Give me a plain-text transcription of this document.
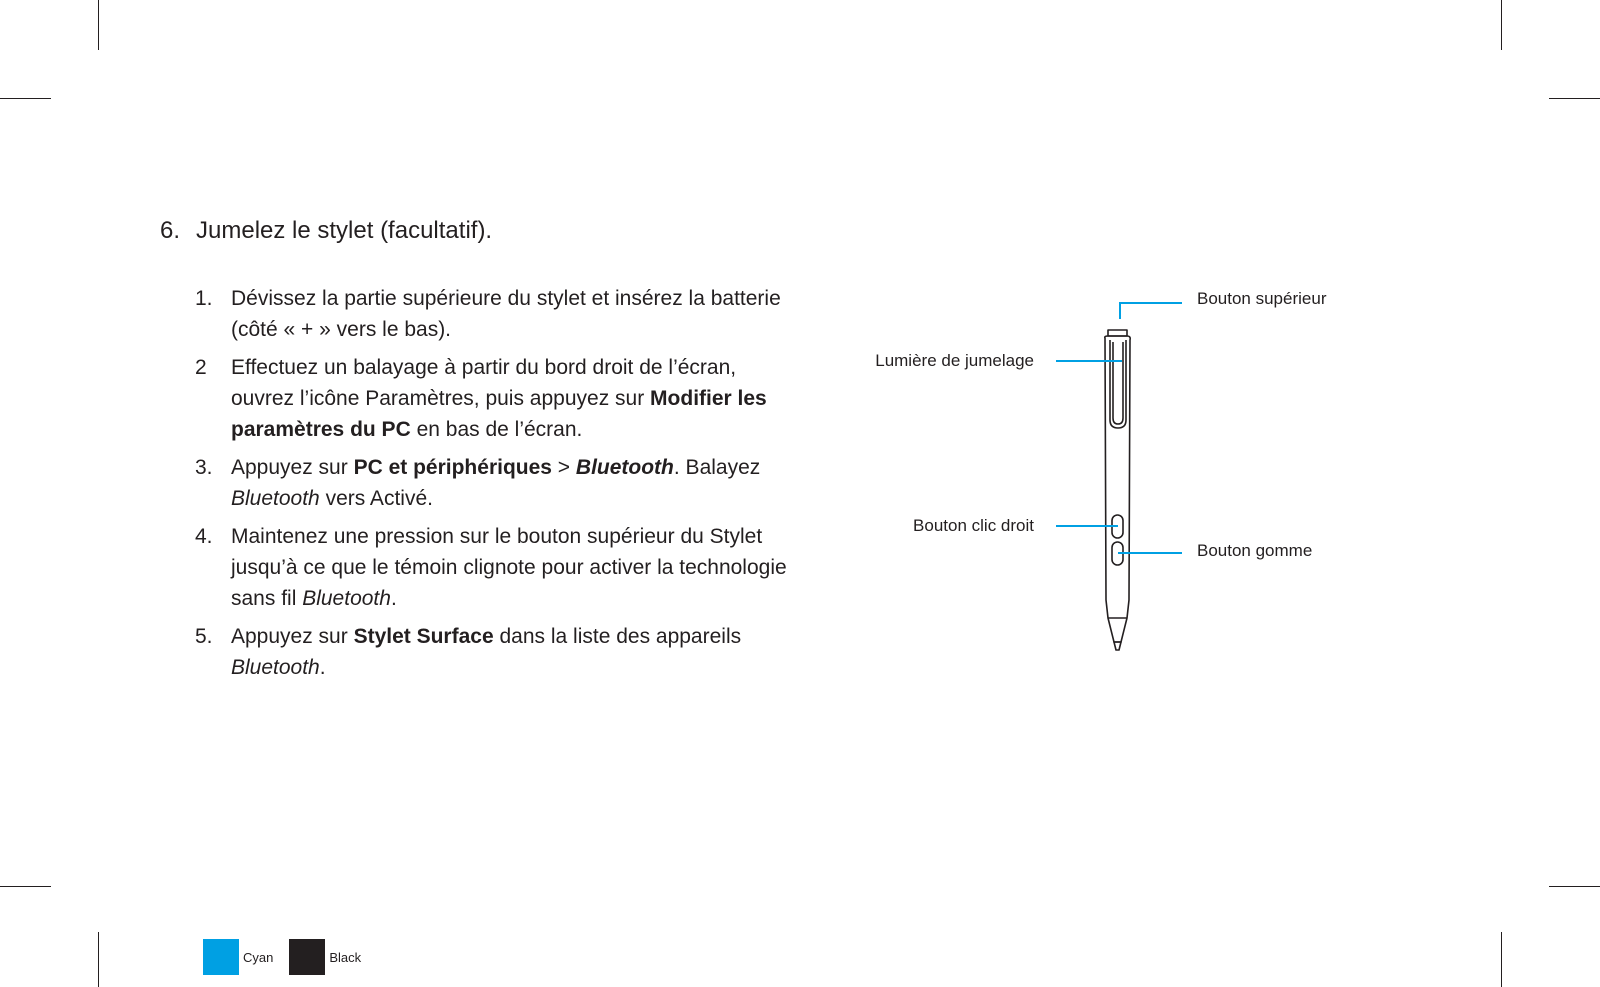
6. Jumelez le stylet (facultatif).
1. Dévissez la partie supérieure du stylet et insérez la batterie (côté « + » vers le bas).
2 Effectuez un balayage à partir du bord droit de l’écran, ouvrez l’icône Paramètres, puis appuyez sur Modifier les paramètres du PC en bas de l’écran.
3. Appuyez sur PC et périphériques > Bluetooth. Balayez Bluetooth vers Activé.
4. Maintenez une pression sur le bouton supérieur du Stylet jusqu’à ce que le témoin clignote pour activer la technologie sans fil Bluetooth.
5. Appuyez sur Stylet Surface dans la liste des appareils Bluetooth.
Bouton supérieur
Lumière de jumelage
Bouton clic droit
Bouton gomme
Cyan	Black
